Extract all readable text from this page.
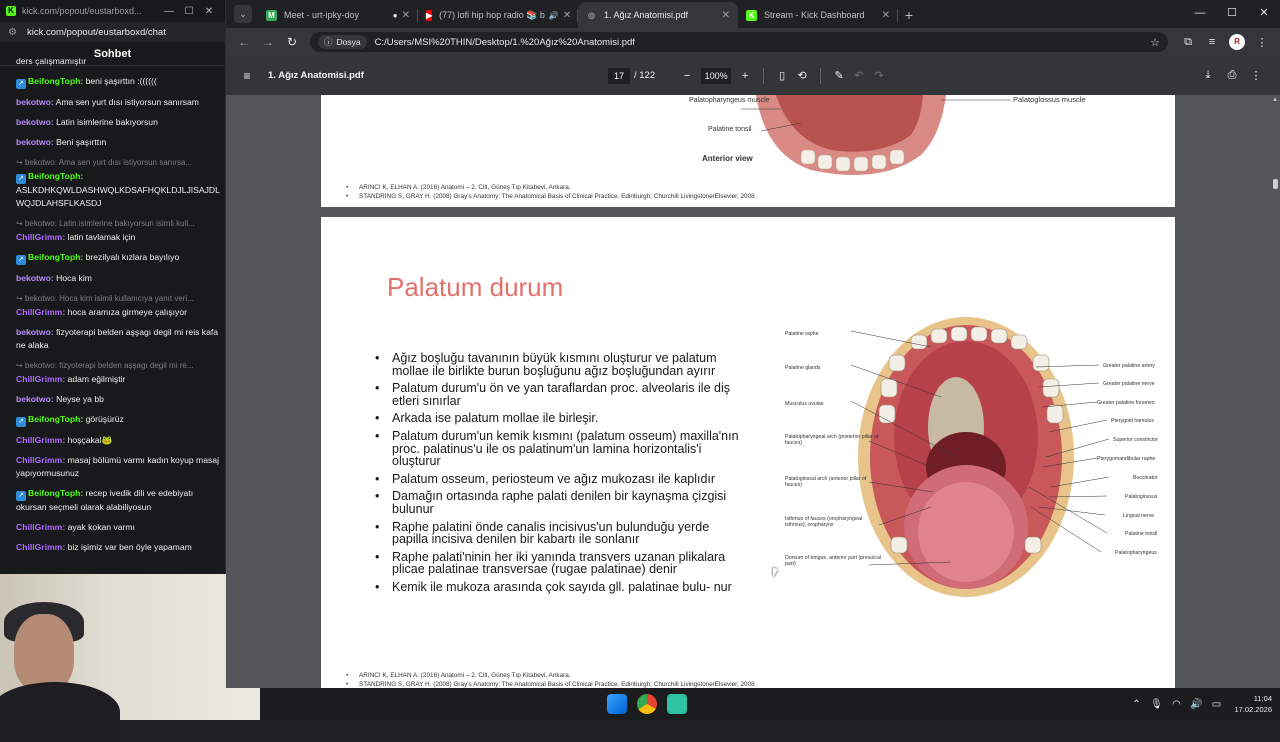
K kick.com/popout/eustarboxd...	—	☐	✕
⚙ kick.com/popout/eustarboxd/chat
Sohbet
ders çalışmamıştır
↗ BeifongToph: beni şaşırttın :((((((
bekotwo: Ama sen yurt dısı istiyorsun sanırsam
bekotwo: Latin isimlerine bakıyorsun
bekotwo: Beni şaşırttın
↪ bekotwo: Ama sen yurt dısı istiyorsun sanırsa...
↗ BeifongToph: ASLKDHKQWLDASHWQLKDSAFHQKLDJLJISAJDLWQJDLAHSFLKASDJ
↪ bekotwo: Latin isimlerine bakıyorsun isimli kull...
ChillGrimm: latin tavlamak için
↗ BeifongToph: brezilyalı kızlara bayılıyo
bekotwo: Hoca kim
↪ bekotwo: Hoca kim isimli kullanıcıya yanıt veri...
ChillGrimm: hoca aramıza girmeye çalışıyor
bekotwo: fizyoterapi belden aşşagı degil mi reis kafa ne alaka
↪ bekotwo: fizyoterapi belden aşşagı degil mi re...
ChillGrimm: adam eğilmiştir
bekotwo: Neyse ya bb
↗ BeifongToph: görüşürüz
ChillGrimm: hoşçakal🐸
ChillGrimm: masaj bölümü varmı kadın koyup masaj yapıyormusunuz
↗ BeifongToph: recep ivedik dili ve edebiyatı okursan seçmeli olarak alabiliyosun
ChillGrimm: ayak kokan varmı
ChillGrimm: biz işimiz var ben öyle yapamam
⌄	M Meet - urt-ipky-doy	● ✕ ▶ (77) lofi hip hop radio 📚 b 🔊 ✕ ◎ 1. Ağız Anatomisi.pdf	✕	K Stream - Kick Dashboard	✕	+	—	☐	✕
←	→	↻	ⓘ Dosya C:/Users/MSI%20THIN/Desktop/1.%20Ağız%20Anatomisi.pdf	☆	⧉	≡	R	⋮
≡	1. Ağız Anatomisi.pdf	17	/ 122	−	100%	+	▯	⟲	✎ ↶ ↷	⤓	⎙	⋮
Palatopharyngeus muscle
Palatine tonsil
Anterior view
Palatoglossus muscle
• ARINCI K, ELHAN A. (2016) Anatomi – 2. Cilt, Güneş Tıp Kitabevi, Ankara.
• STANDRING S, GRAY H. (2008) Gray's Anatomy: The Anatomical Basis of Clinical Practice. Edinburgh: Churchill Livingstone/Elsevier, 2008.
Palatum durum
• Ağız boşluğu tavanının büyük kısmını oluşturur ve palatum mollae ile birlikte burun boşluğunu ağız boşluğundan ayırır
• Palatum durum'u ön ve yan taraflardan proc. alveolaris ile diş etleri sınırlar
• Arkada ise palatum mollae ile birleşir.
• Palatum durum'un kemik kısmını (palatum osseum) maxilla'nın proc. palatinus'u ile os palatinum'un lamina horizontalis'i oluşturur
• Palatum osseum, periosteum ve ağız mukozası ile kaplıdır
• Damağın ortasında raphe palati denilen bir kaynaşma çizgisi bulunur
• Raphe palatini önde canalis incisivus'un bulunduğu yerde papilla incisiva denilen bir kabartı ile sonlanır
• Raphe palati'ninin her iki yanında transvers uzanan plikalara plicae palatinae transversae (rugae palatinae) denir
• Kemik ile mukoza arasında çok sayıda gll. palatinae bulu- nur
Palatine raphe
Palatine glands
Musculus uvulae
Palatopharyngeal arch (posterior pillar of fauces)
Palatoglossal arch (anterior pillar of fauces)
Isthmus of fauces (oropharyngeal isthmus); oropharynx
Dorsum of tongue, anterior part (presulcal part)
Greater palatine artery
Greater palatine nerve
Greater palatine foramen
Pterygoid hamulus
Superior constrictor
Pterygomandibular raphe
Buccinator
Palatoglossus
Lingual nerve
Palatine tonsil
Palatopharyngeus
• ARINCI K, ELHAN A. (2016) Anatomi – 2. Cilt, Güneş Tıp Kitabevi, Ankara.
• STANDRING S, GRAY H. (2008) Gray's Anatomy: The Anatomical Basis of Clinical Practice. Edinburgh: Churchill Livingstone/Elsevier, 2008.
▲
⌃ 🎙 ◠ 🔊 ▭	11:04
17.02.2026
